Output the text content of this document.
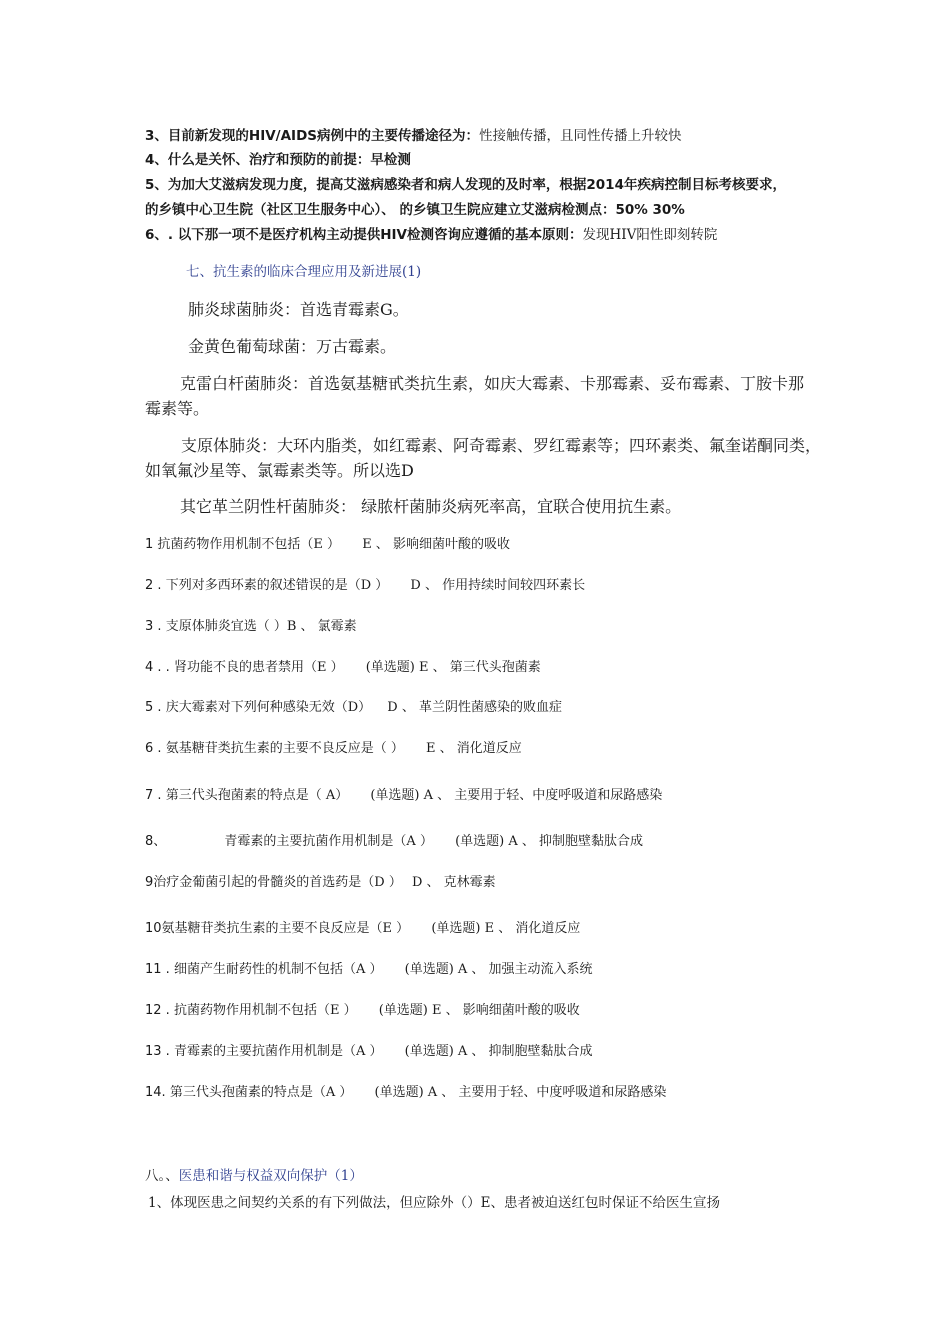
3、目前新发现的HIV/AIDS病例中的主要传播途径为：性接触传播，且同性传播上升较快
4、什么是关怀、治疗和预防的前提：早检测
5、为加大艾滋病发现力度，提高艾滋病感染者和病人发现的及时率，根据2014年疾病控制目标考核要求，
的乡镇中心卫生院（社区卫生服务中心）、 的乡镇卫生院应建立艾滋病检测点：50% 30%
6、. 以下那一项不是医疗机构主动提供HIV检测咨询应遵循的基本原则：发现HIV阳性即刻转院
七、抗生素的临床合理应用及新进展(1)
肺炎球菌肺炎：首选青霉素G。
金黄色葡萄球菌：万古霉素。
克雷白杆菌肺炎：首选氨基糖甙类抗生素，如庆大霉素、卡那霉素、妥布霉素、丁胺卡那
霉素等。
支原体肺炎：大环内脂类，如红霉素、阿奇霉素、罗红霉素等；四环素类、氟奎诺酮同类，
如氧氟沙星等、氯霉素类等。所以选D
其它革兰阴性杆菌肺炎： 绿脓杆菌肺炎病死率高，宜联合使用抗生素。
1 抗菌药物作用机制不包括（E ） E 、 影响细菌叶酸的吸收
2 . 下列对多西环素的叙述错误的是（D ） D 、 作用持续时间较四环素长
3 . 支原体肺炎宜选（ ）B 、 氯霉素
4 . . 肾功能不良的患者禁用（E ） (单选题) E 、 第三代头孢菌素
5 . 庆大霉素对下列何种感染无效（D） D 、 革兰阴性菌感染的败血症
6 . 氨基糖苷类抗生素的主要不良反应是（ ） E 、 消化道反应
7 . 第三代头孢菌素的特点是（ A） (单选题) A 、 主要用于轻、中度呼吸道和尿路感染
8、	青霉素的主要抗菌作用机制是（A ） (单选题) A 、 抑制胞壁黏肽合成
9治疗金葡菌引起的骨髓炎的首选药是（D ） D 、 克林霉素
10氨基糖苷类抗生素的主要不良反应是（E ） (单选题) E 、 消化道反应
11 . 细菌产生耐药性的机制不包括（A ） (单选题) A 、 加强主动流入系统
12 . 抗菌药物作用机制不包括（E ） (单选题) E 、 影响细菌叶酸的吸收
13 . 青霉素的主要抗菌作用机制是（A ） (单选题) A 、 抑制胞壁黏肽合成
14. 第三代头孢菌素的特点是（A ） (单选题) A 、 主要用于轻、中度呼吸道和尿路感染
八。、医患和谐与权益双向保护（1）
1、体现医患之间契约关系的有下列做法，但应除外（）E、患者被迫送红包时保证不给医生宣扬
